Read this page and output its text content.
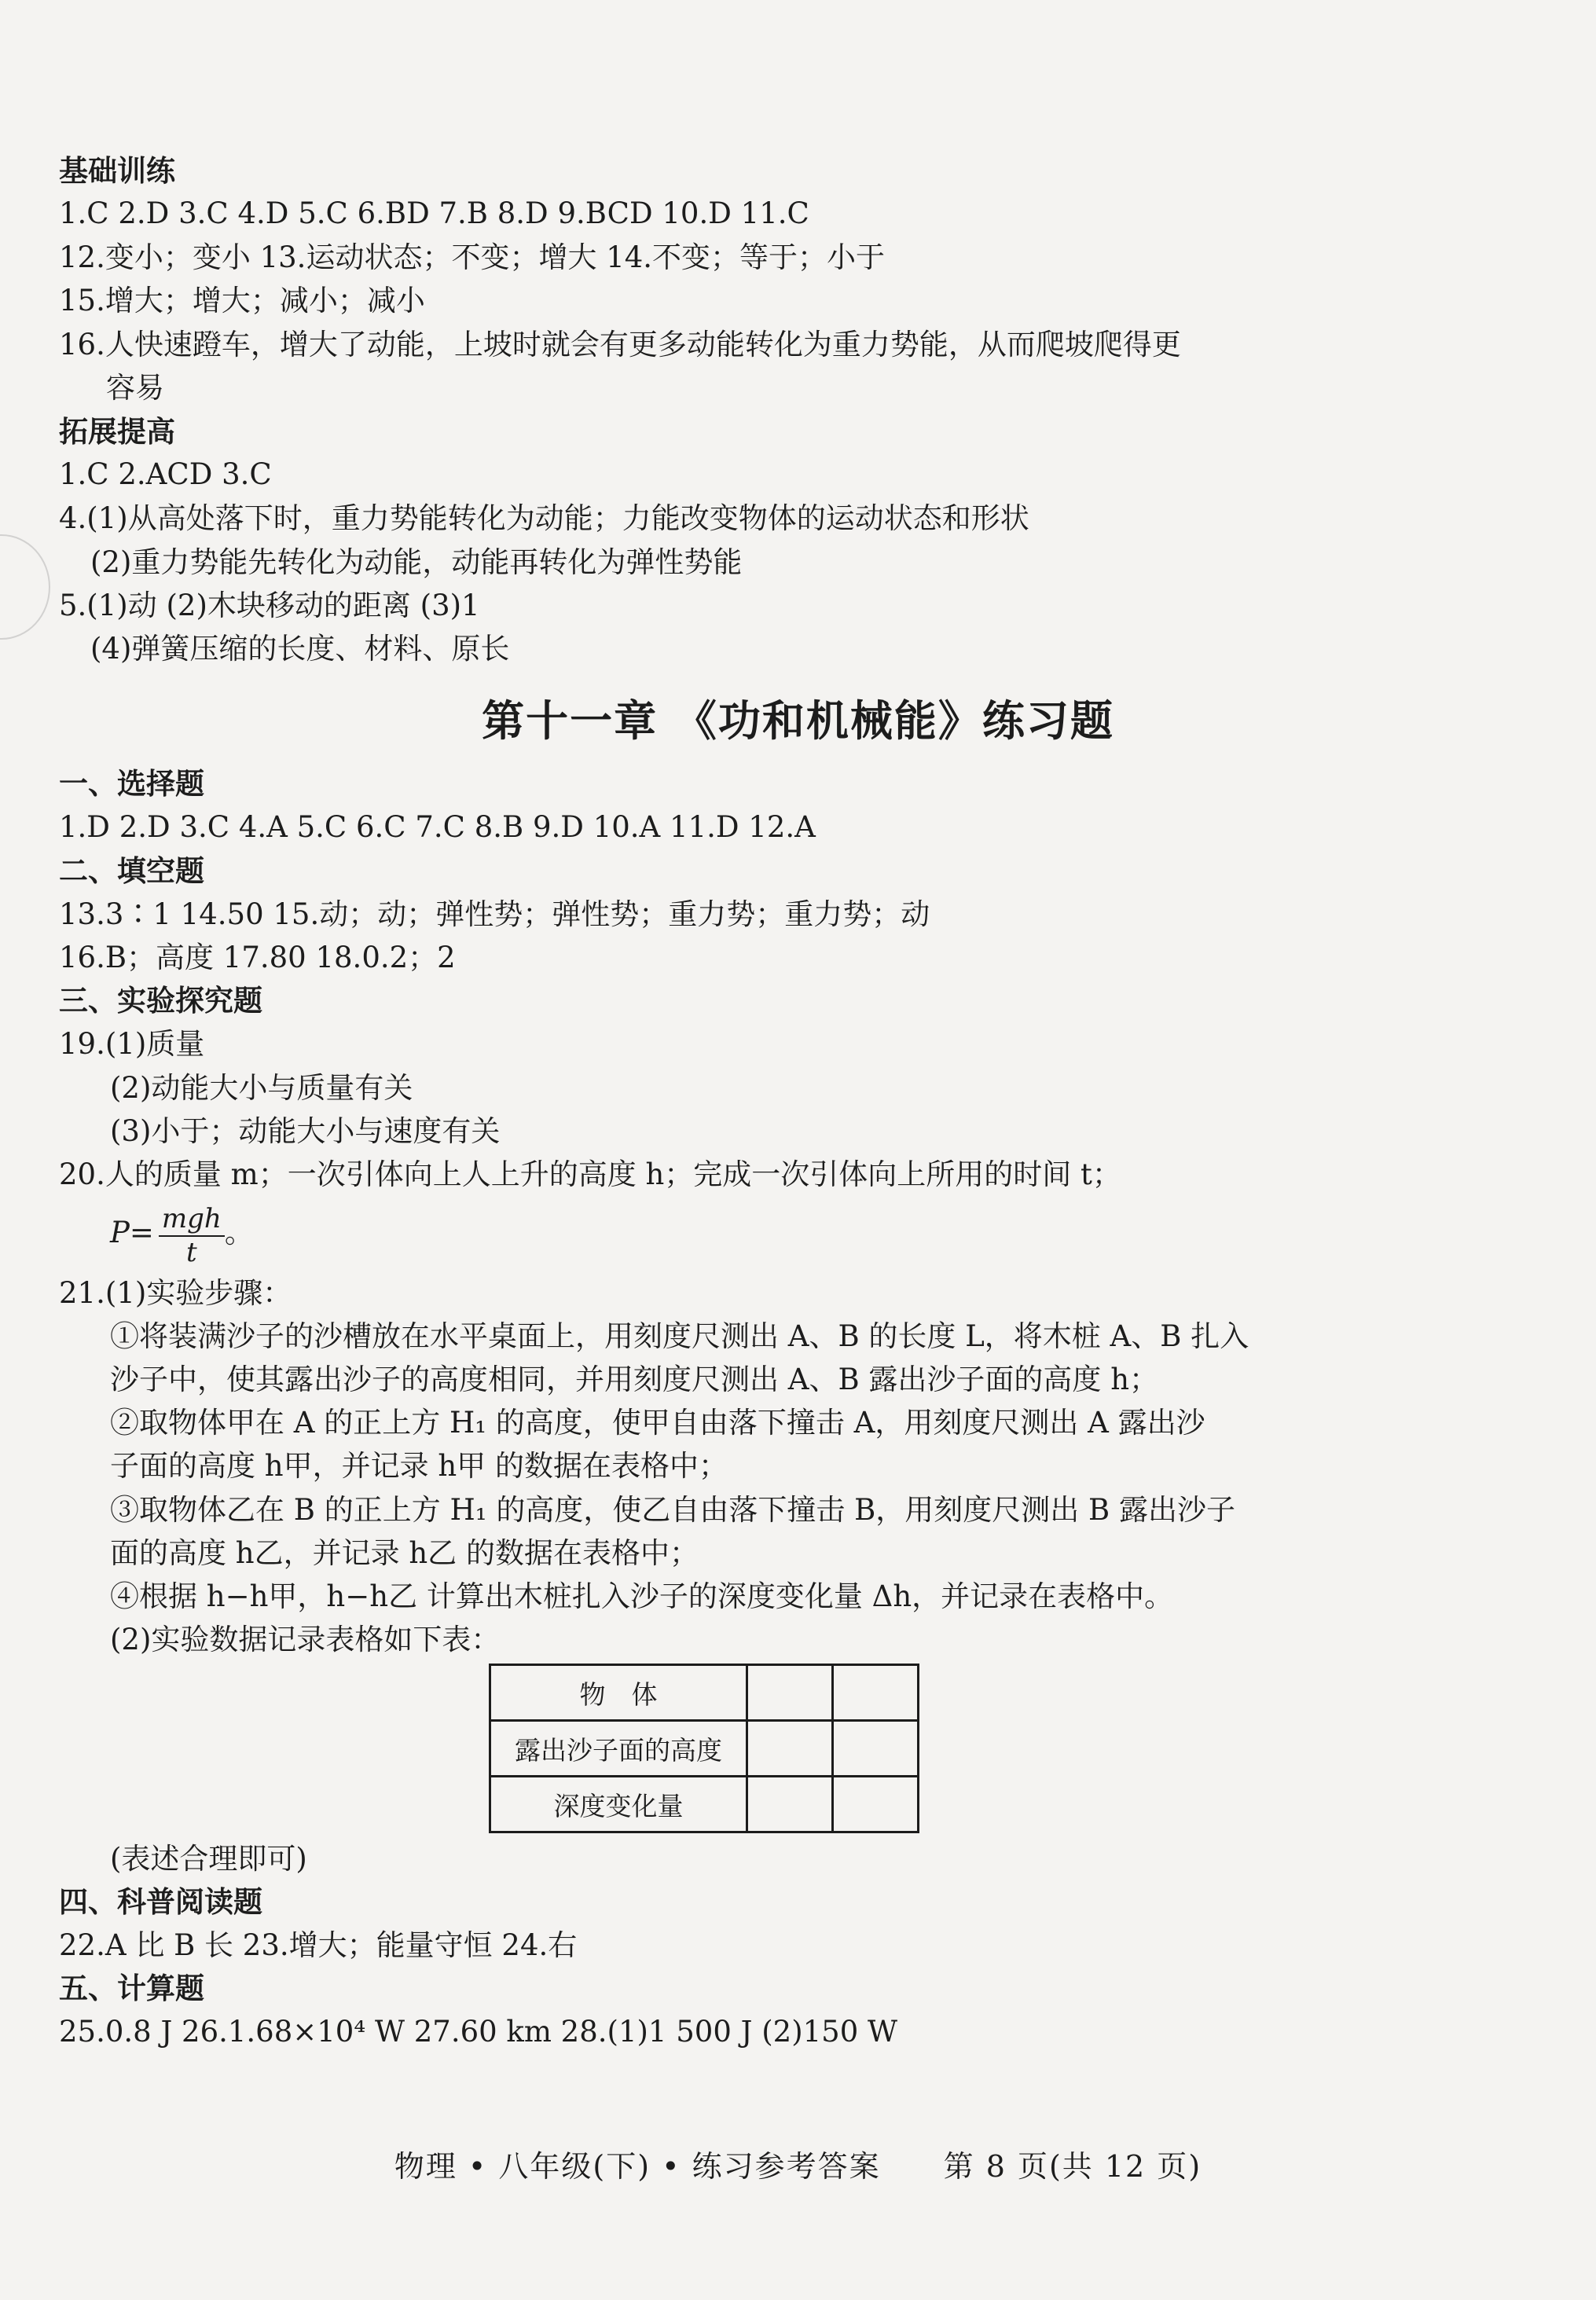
基础训练
1.C 2.D 3.C 4.D 5.C 6.BD 7.B 8.D 9.BCD 10.D 11.C
12.变小；变小 13.运动状态；不变；增大 14.不变；等于；小于
15.增大；增大；减小；减小
16.人快速蹬车，增大了动能，上坡时就会有更多动能转化为重力势能，从而爬坡爬得更
容易
拓展提高
1.C 2.ACD 3.C
4.(1)从高处落下时，重力势能转化为动能；力能改变物体的运动状态和形状
(2)重力势能先转化为动能，动能再转化为弹性势能
5.(1)动 (2)木块移动的距离 (3)1
(4)弹簧压缩的长度、材料、原长
第十一章 《功和机械能》练习题
一、选择题
1.D 2.D 3.C 4.A 5.C 6.C 7.C 8.B 9.D 10.A 11.D 12.A
二、填空题
13.3∶1 14.50 15.动；动；弹性势；弹性势；重力势；重力势；动
16.B；高度 17.80 18.0.2；2
三、实验探究题
19.(1)质量
(2)动能大小与质量有关
(3)小于；动能大小与速度有关
20.人的质量 m；一次引体向上人上升的高度 h；完成一次引体向上所用的时间 t；
$P= \frac{\text{mgh}}{t}$ 。
21.(1)实验步骤：
①将装满沙子的沙槽放在水平桌面上，用刻度尺测出 A、B 的长度 L，将木桩 A、B 扎入
沙子中，使其露出沙子的高度相同，并用刻度尺测出 A、B 露出沙子面的高度 h；
②取物体甲在 A 的正上方 H₁ 的高度，使甲自由落下撞击 A，用刻度尺测出 A 露出沙
子面的高度 h甲，并记录 h甲 的数据在表格中；
③取物体乙在 B 的正上方 H₁ 的高度，使乙自由落下撞击 B，用刻度尺测出 B 露出沙子
面的高度 h乙，并记录 h乙 的数据在表格中；
④根据 h−h甲，h−h乙 计算出木桩扎入沙子的深度变化量 Δh，并记录在表格中。
(2)实验数据记录表格如下表：
物　体		
露出沙子面的高度		
深度变化量		
(表述合理即可)
四、科普阅读题
22.A 比 B 长 23.增大；能量守恒 24.右
五、计算题
25.0.8 J 26.1.68×10⁴ W 27.60 km 28.(1)1 500 J (2)150 W
物理 • 八年级(下) • 练习参考答案　　第 8 页(共 12 页)
